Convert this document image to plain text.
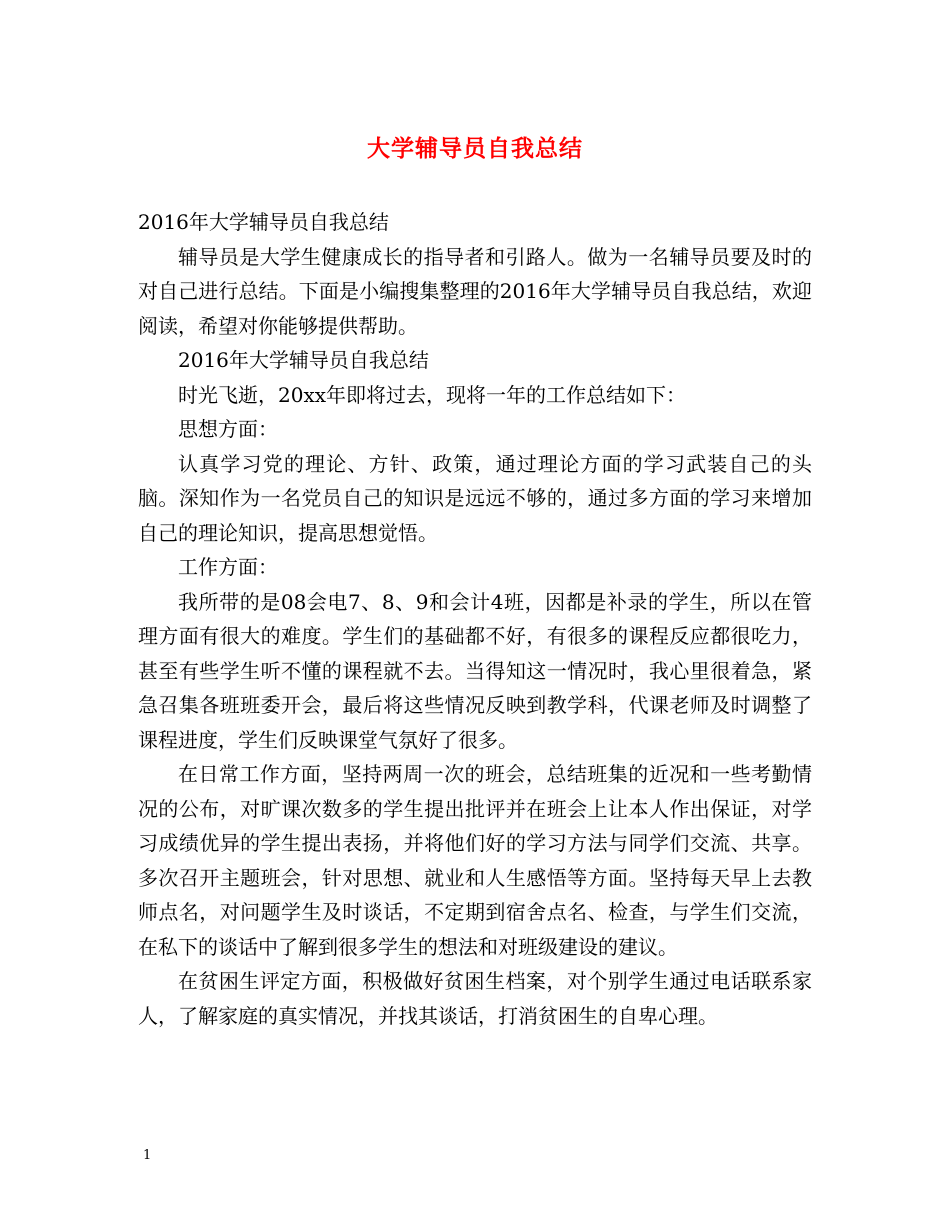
大学辅导员自我总结

2016年大学辅导员自我总结

辅导员是大学生健康成长的指导者和引路人。做为一名辅导员要及时的对自己进行总结。下面是小编搜集整理的2016年大学辅导员自我总结，欢迎阅读，希望对你能够提供帮助。

2016年大学辅导员自我总结

时光飞逝，20xx年即将过去，现将一年的工作总结如下：

思想方面：

认真学习党的理论、方针、政策，通过理论方面的学习武装自己的头脑。深知作为一名党员自己的知识是远远不够的，通过多方面的学习来增加自己的理论知识，提高思想觉悟。

工作方面：

我所带的是08会电7、8、9和会计4班，因都是补录的学生，所以在管理方面有很大的难度。学生们的基础都不好，有很多的课程反应都很吃力，甚至有些学生听不懂的课程就不去。当得知这一情况时，我心里很着急，紧急召集各班班委开会，最后将这些情况反映到教学科，代课老师及时调整了课程进度，学生们反映课堂气氛好了很多。

在日常工作方面，坚持两周一次的班会，总结班集的近况和一些考勤情况的公布，对旷课次数多的学生提出批评并在班会上让本人作出保证，对学习成绩优异的学生提出表扬，并将他们好的学习方法与同学们交流、共享。多次召开主题班会，针对思想、就业和人生感悟等方面。坚持每天早上去教师点名，对问题学生及时谈话，不定期到宿舍点名、检查，与学生们交流，在私下的谈话中了解到很多学生的想法和对班级建设的建议。

在贫困生评定方面，积极做好贫困生档案，对个别学生通过电话联系家人，了解家庭的真实情况，并找其谈话，打消贫困生的自卑心理。

1
